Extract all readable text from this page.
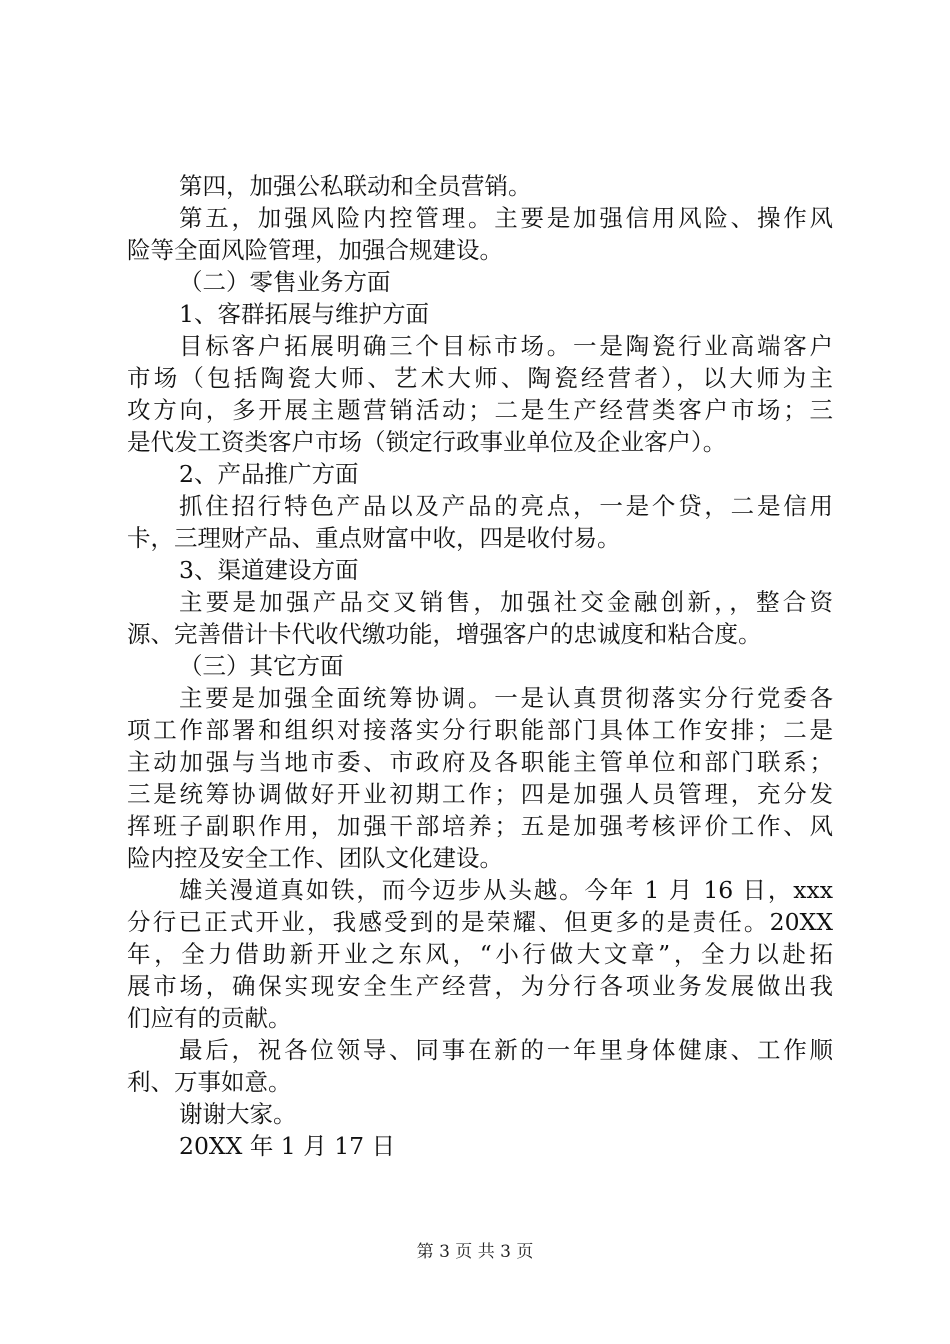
第四，加强公私联动和全员营销。
第五，加强风险内控管理。主要是加强信用风险、操作风
险等全面风险管理，加强合规建设。
（二）零售业务方面
1、客群拓展与维护方面
目标客户拓展明确三个目标市场。一是陶瓷行业高端客户
市场（包括陶瓷大师、艺术大师、陶瓷经营者），以大师为主
攻方向，多开展主题营销活动；二是生产经营类客户市场；三
是代发工资类客户市场（锁定行政事业单位及企业客户）。
2、产品推广方面
抓住招行特色产品以及产品的亮点，一是个贷，二是信用
卡，三理财产品、重点财富中收，四是收付易。
3、渠道建设方面
主要是加强产品交叉销售，加强社交金融创新，，整合资
源、完善借计卡代收代缴功能，增强客户的忠诚度和粘合度。
（三）其它方面
主要是加强全面统筹协调。一是认真贯彻落实分行党委各
项工作部署和组织对接落实分行职能部门具体工作安排；二是
主动加强与当地市委、市政府及各职能主管单位和部门联系；
三是统筹协调做好开业初期工作；四是加强人员管理，充分发
挥班子副职作用，加强干部培养；五是加强考核评价工作、风
险内控及安全工作、团队文化建设。
雄关漫道真如铁，而今迈步从头越。今年 1 月 16 日，xxx
分行已正式开业，我感受到的是荣耀、但更多的是责任。20XX
年，全力借助新开业之东风，“小行做大文章”，全力以赴拓
展市场，确保实现安全生产经营，为分行各项业务发展做出我
们应有的贡献。
最后，祝各位领导、同事在新的一年里身体健康、工作顺
利、万事如意。
谢谢大家。
20XX 年 1 月 17 日
第 3 页 共 3 页
